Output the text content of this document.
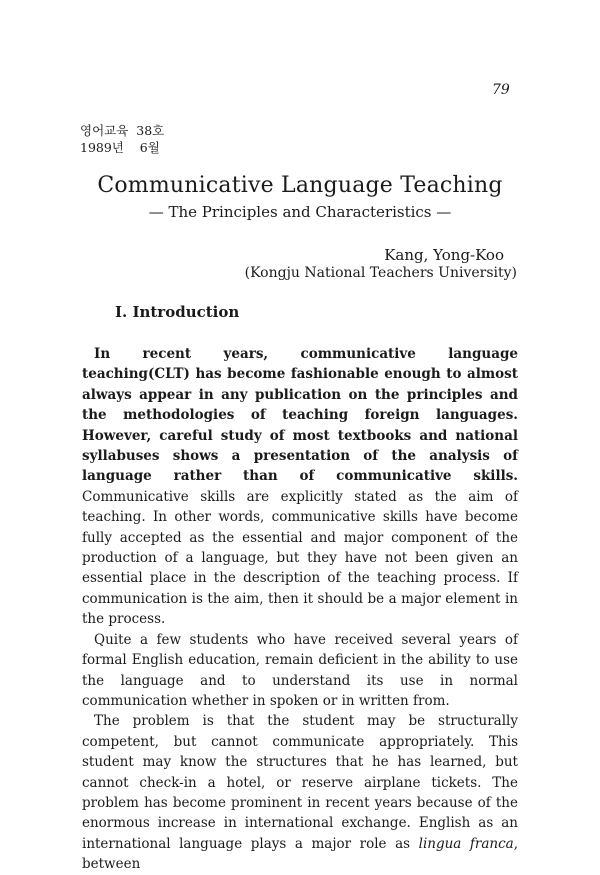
79
영어교육  38호
1989년    6월
Communicative Language Teaching
— The Principles and Characteristics —
Kang, Yong-Koo
(Kongju National Teachers University)
Ⅰ. Introduction

In recent years, communicative language teaching(CLT) has become fashionable enough to almost always appear in any publication on the principles and the methodologies of teaching foreign languages. However, careful study of most textbooks and national syllabuses shows a presentation of the analysis of language rather than of communicative skills. Communicative skills are explicitly stated as the aim of teaching. In other words, communicative skills have become fully accepted as the essential and major component of the production of a language, but they have not been given an essential place in the description of the teaching process. If communication is the aim, then it should be a major element in the process.

Quite a few students who have received several years of formal English education, remain deficient in the ability to use the language and to understand its use in normal communication whether in spoken or in written from.

The problem is that the student may be structurally competent, but cannot communicate appropriately. This student may know the structures that he has learned, but cannot check-in a hotel, or reserve airplane tickets. The problem has become prominent in recent years because of the enormous increase in international exchange. English as an international language plays a major role as lingua franca, between
